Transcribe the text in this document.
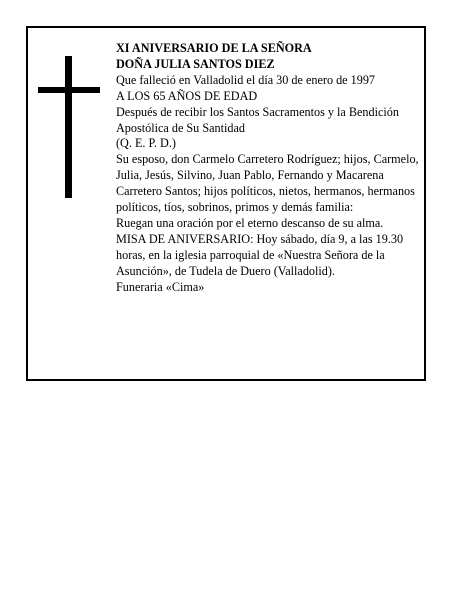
XI ANIVERSARIO DE LA SEÑORA

DOÑA JULIA SANTOS DIEZ

Que falleció en Valladolid el día 30 de enero de 1997

A LOS 65 AÑOS DE EDAD

Después de recibir los Santos Sacramentos y la Bendición Apostólica de Su Santidad

(Q. E. P. D.)

Su esposo, don Carmelo Carretero Rodríguez; hijos, Carmelo, Julia, Jesús, Silvino, Juan Pablo, Fernando y Macarena Carretero Santos; hijos políticos, nietos, hermanos, hermanos políticos, tíos, sobrinos, primos y demás familia:

Ruegan una oración por el eterno descanso de su alma.

MISA DE ANIVERSARIO: Hoy sábado, día 9, a las 19.30 horas, en la iglesia parroquial de «Nuestra Señora de la Asunción», de Tudela de Duero (Valladolid).

Funeraria «Cima»
